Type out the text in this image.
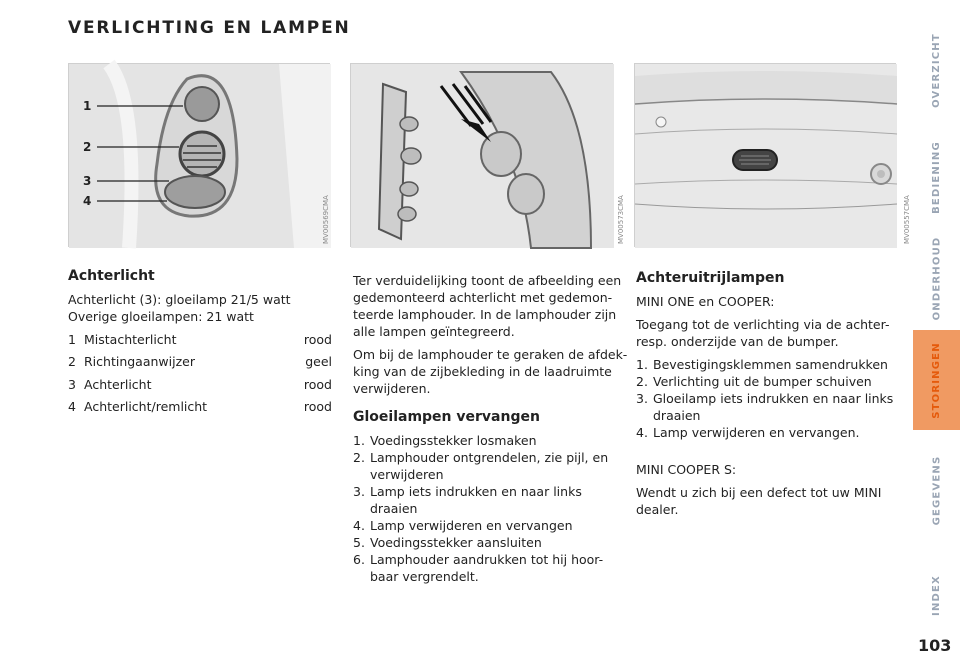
VERLICHTING EN LAMPEN
1
2
3
4	MV00569CMA	MV00573CMA	MV00557CMA
Achterlicht
Achterlicht (3): gloeilamp 21/5 watt
Overige gloeilampen: 21 watt
1 Mistachterlicht	rood
2 Richtingaanwijzer	geel
3 Achterlicht	rood
4 Achterlicht/remlicht	rood

Ter verduidelijking toont de afbeelding een gedemonteerd achterlicht met gedemon-teerde lamphouder. In de lamphouder zijn alle lampen geïntegreerd.

Om bij de lamphouder te geraken de afdek-king van de zijbekleding in de laadruimte verwijderen.

Gloeilampen vervangen
1. Voedingsstekker losmaken
2. Lamphouder ontgrendelen, zie pijl, en verwijderen
3. Lamp iets indrukken en naar links draaien
4. Lamp verwijderen en vervangen
5. Voedingsstekker aansluiten
6. Lamphouder aandrukken tot hij hoor-baar vergrendelt.
Achteruitrijlampen

MINI ONE en COOPER:

Toegang tot de verlichting via de achter-resp. onderzijde van de bumper.

1. Bevestigingsklemmen samendrukken
2. Verlichting uit de bumper schuiven
3. Gloeilamp iets indrukken en naar links draaien
4. Lamp verwijderen en vervangen.

MINI COOPER S:

Wendt u zich bij een defect tot uw MINI dealer.

OVERZICHT
BEDIENING
ONDERHOUD
STORINGEN
GEGEVENS
INDEX
103
